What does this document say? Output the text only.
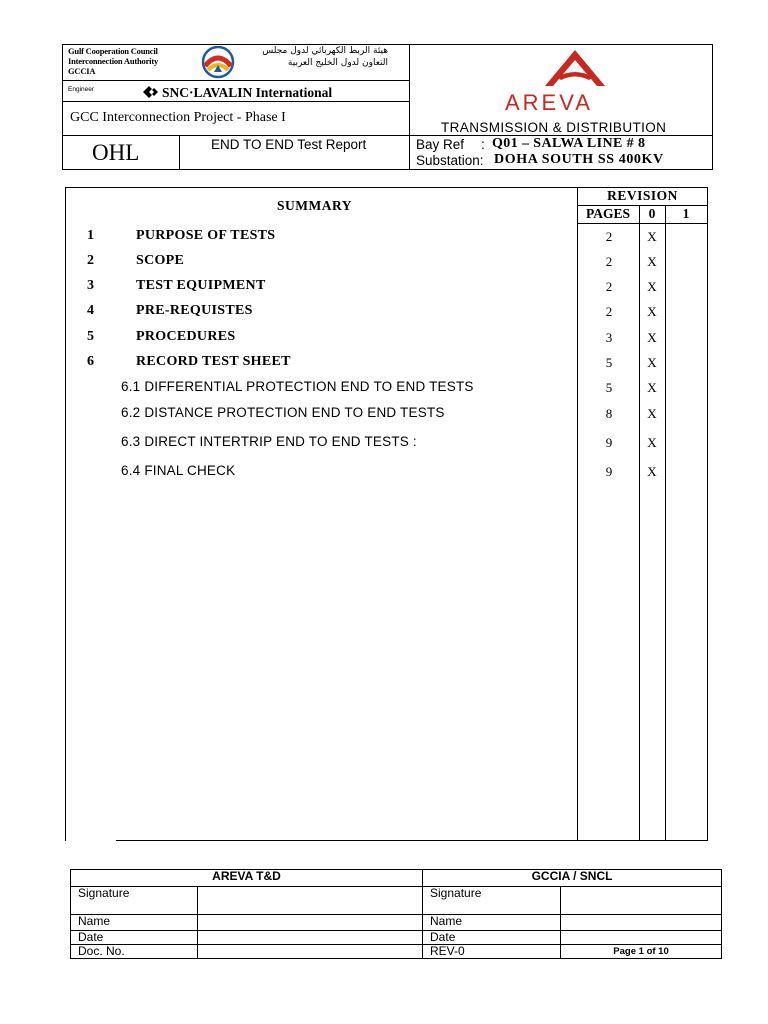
Gulf Cooperation Council
Interconnection Authority
GCCIA
هيئة الربط الكهربائي لدول مجلس
التعاون لدول الخليج العربية
Engineer	SNC·LAVALIN International
GCC Interconnection Project - Phase I
OHL	END TO END Test Report
AREVA
TRANSMISSION & DISTRIBUTION
Bay Ref : Q01 – SALWA LINE # 8
Substation: DOHA SOUTH SS 400KV
SUMMARY
REVISION
PAGES	0	1
1	PURPOSE OF TESTS	2	X
2	SCOPE	2	X
3	TEST EQUIPMENT	2	X
4	PRE-REQUISTES	2	X
5	PROCEDURES	3	X
6	RECORD TEST SHEET	5	X
6.1 DIFFERENTIAL PROTECTION END TO END TESTS	5	X
6.2 DISTANCE PROTECTION END TO END TESTS	8	X
6.3 DIRECT INTERTRIP END TO END TESTS :	9	X
6.4 FINAL CHECK	9	X
AREVA T&D		GCCIA / SNCL	
Signature		Signature	
Name		Name	
Date		Date	
Doc. No.		REV-0	Page 1 of 10
